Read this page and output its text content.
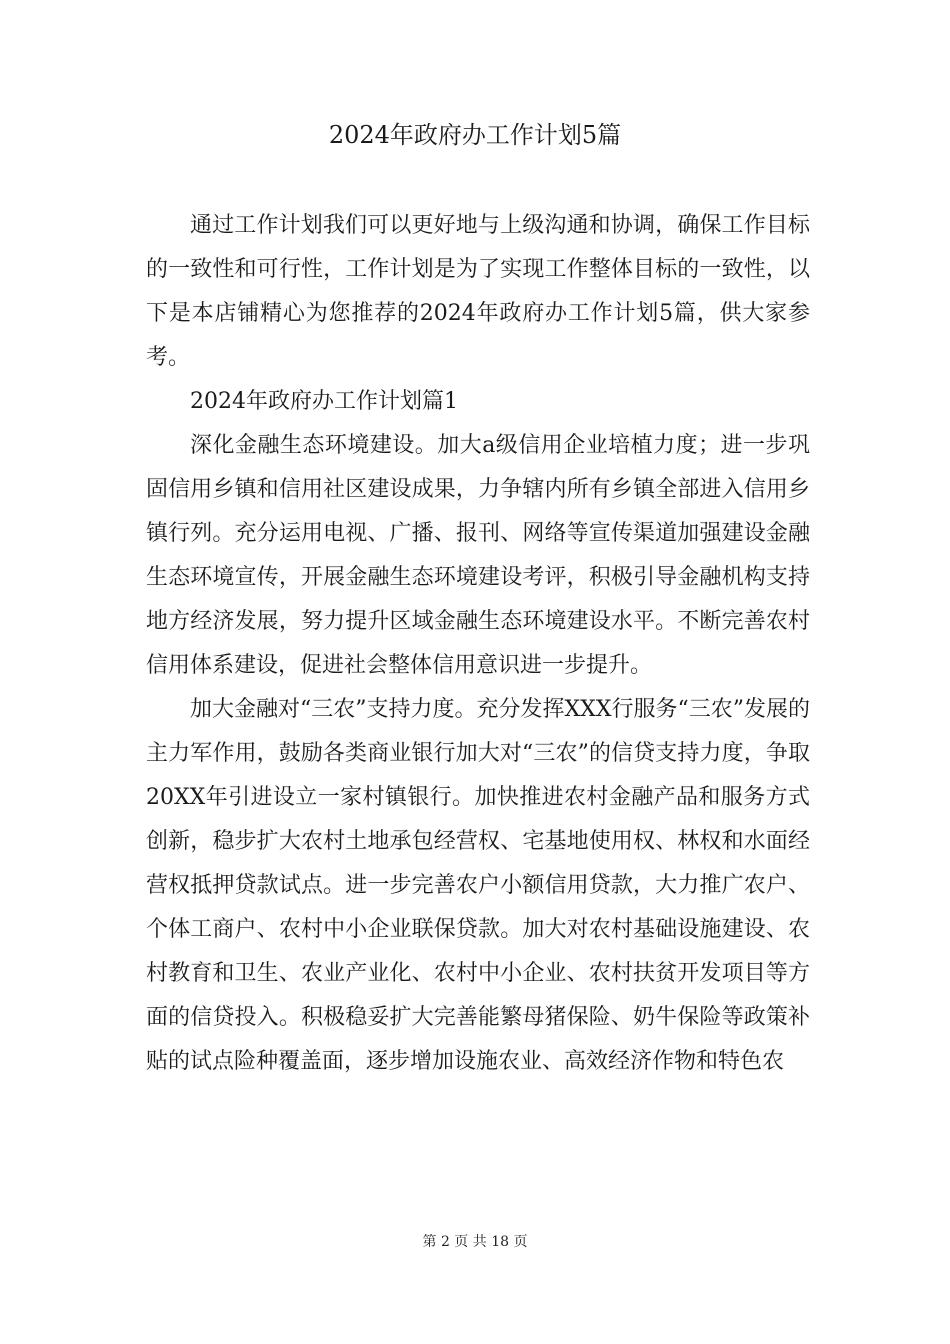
2024年政府办工作计划5篇

通过工作计划我们可以更好地与上级沟通和协调，确保工作目标的一致性和可行性，工作计划是为了实现工作整体目标的一致性，以下是本店铺精心为您推荐的2024年政府办工作计划5篇，供大家参考。

2024年政府办工作计划篇1

深化金融生态环境建设。加大a级信用企业培植力度；进一步巩固信用乡镇和信用社区建设成果，力争辖内所有乡镇全部进入信用乡镇行列。充分运用电视、广播、报刊、网络等宣传渠道加强建设金融生态环境宣传，开展金融生态环境建设考评，积极引导金融机构支持地方经济发展，努力提升区域金融生态环境建设水平。不断完善农村信用体系建设，促进社会整体信用意识进一步提升。

加大金融对“三农”支持力度。充分发挥XXX行服务“三农”发展的主力军作用，鼓励各类商业银行加大对“三农”的信贷支持力度，争取20XX年引进设立一家村镇银行。加快推进农村金融产品和服务方式创新，稳步扩大农村土地承包经营权、宅基地使用权、林权和水面经营权抵押贷款试点。进一步完善农户小额信用贷款，大力推广农户、个体工商户、农村中小企业联保贷款。加大对农村基础设施建设、农村教育和卫生、农业产业化、农村中小企业、农村扶贫开发项目等方面的信贷投入。积极稳妥扩大完善能繁母猪保险、奶牛保险等政策补贴的试点险种覆盖面，逐步增加设施农业、高效经济作物和特色农

第 2 页 共 18 页
